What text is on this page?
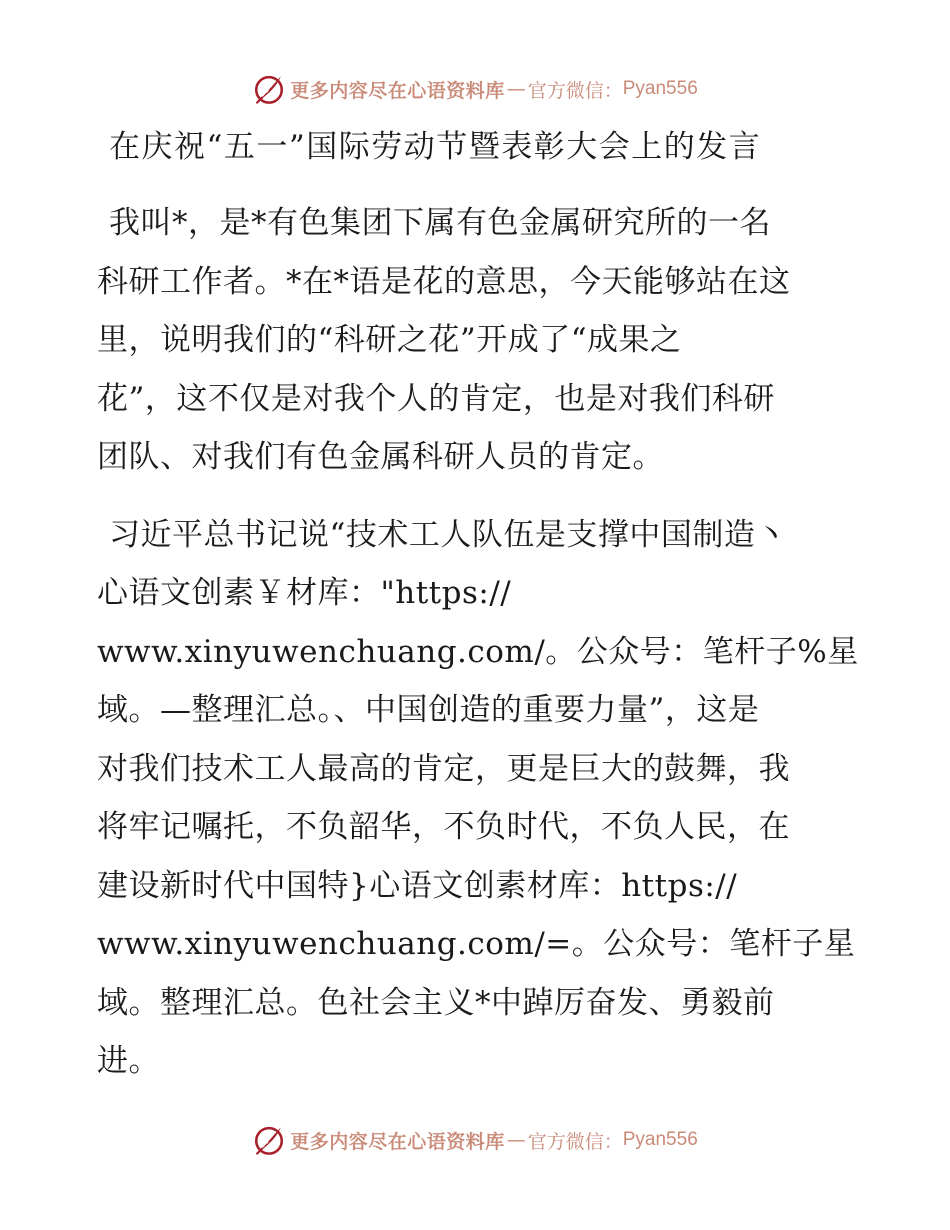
更多内容尽在心语资料库 — 官方微信： Pyan556
在庆祝“五一”国际劳动节暨表彰大会上的发言

我叫*，是*有色集团下属有色金属研究所的一名
科研工作者。*在*语是花的意思，今天能够站在这
里，说明我们的“科研之花”开成了“成果之
花”，这不仅是对我个人的肯定，也是对我们科研
团队、对我们有色金属科研人员的肯定。

习近平总书记说“技术工人队伍是支撑中国制造丶
心语文创素￥材库："https://
www.xinyuwenchuang.com/。公众号：笔杆子%星
域。—整理汇总。、中国创造的重要力量”，这是
对我们技术工人最高的肯定，更是巨大的鼓舞，我
将牢记嘱托，不负韶华，不负时代，不负人民，在
建设新时代中国特}心语文创素材库：https://
www.xinyuwenchuang.com/=。公众号：笔杆子星
域。整理汇总。色社会主义*中踔厉奋发、勇毅前
进。

更多内容尽在心语资料库 — 官方微信： Pyan556
